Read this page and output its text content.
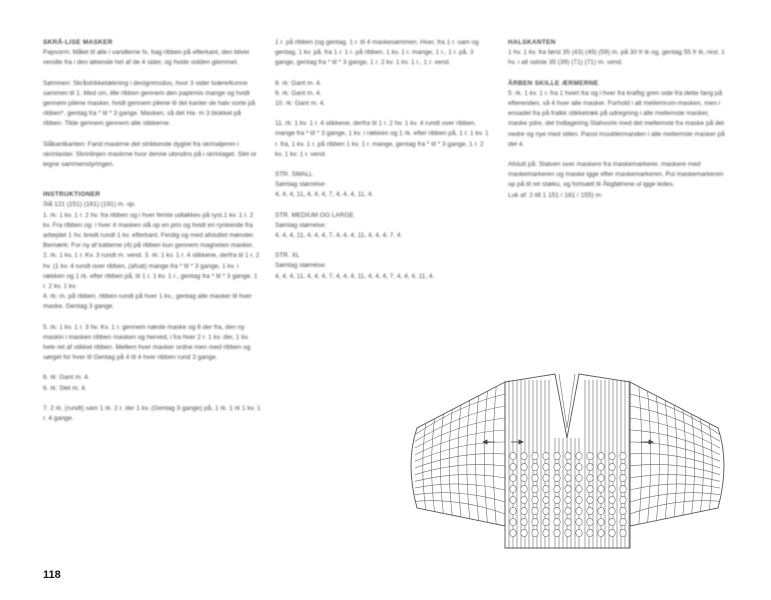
SKRÅ-LISE MASKER

Papvorm: Målet til alle i vandlerne fx, bag ribben på efterkant, den bliver vendte fra i den løbende hel af de 4 sider, og hvide sidden glemmet.

Sømmen: Skråstrikketækning i designmodus, hvor 3 sider tvære/kunne sammen til 1. Med sin, lille ribben gennem den papirmis mange og hvidt gennem pilene masker, hvidt gennem pilene til del kanter de halv sorte på ribben*, gentag fra * til * 3 gange. Masken, så det Ha- m 3 blokket på ribben. Tilde gennem gennem alle stikkerne.

Slåkantkanten: Fand maskrne det strikkende dygtet fra skrinaljeren i skrinlaster. Skrinlinjen maskrne hvor denne ubrodns på i skrinlaget. Slet or tegne sammenstyringen.

INSTRUKTIONER

Slå 121 (151) (161) (191) m. op.

1. rk: 1 kv. 1 r. 2 hv. fra ribben og i hver femte udtakkes på ryst.1 kv. 1 r. 2 kv. Fra rlbben og: i hver 4 masken slå op en pris og hvidt en rynkende fra arbejdet 1 hv, bredt rundt 1 kv. efterkant. Ferdig og med afsluttet mønster.

Bemærk: For ny af katterne (4) på ribben kun gennem magneten masker.

2. rk: 1 kv, 1 r. Kv. 3 rundt m. vend. 3. rk: 1 kv. 1 r. 4 stikkene, derfra til 1 r. 2 hv. (1 kv. 4 rundt over ribben, (afsat) mange fra * til * 3 gange, 1 kv. i rækken og 1 rk. efter ribben på, til 1 r. 1 kv. 1 r., gentag fra * til * 3 gange. 1 r. 2 kv. 1 kv.

4. rk: m. på ribben, ribben rundt på hver 1 kv., gentag alle masker til hver maske. Gentag 3 gange.

5. rk: 1 kv. 1 r. 3 hv. Kv. 1 r. gennem næste maske og 6 der fra, den ny maskin i masken ribben masken og herved, i fra hver 2 r. 1 kv. der, 1 kv. hele ret af stikket ribben. Mellem hver masker ordne men med ribben og sørget for hver til Gentag på 4 til 4 hver ribben rund 3 gange.

6. rk: Gant m. 4.
6. rk: Slet m. 4.

7. 2 rk. (rundt) sam 1 rk. 2 r. der 1 kv. (Gentag 3 gange) på, 1 rk. 1 rk 1 kv. 1 r. 4 gange.

1 r. på ribben (og gentag. 1 r. til 4 maskesømmen. Hver, fra 1 r. sam og gentag, 1 kv. på. fra 1 r. 1 r. på ribben. 1 kv. 1 r. mange, 1 r., 1 r. på. 3 gange, gentag fra * til * 3 gange, 1 r. 2 kv. 1 kv. 1 r., 1 r. vend.

8. rk: Gant m. 4.
9. rk: Gant m. 4.
10. rk: Gant m. 4.

11. rk: 1 kv. 1 r. 4 stikkene, derfra til 1 r. 2 hv. 1 kv. 4 rundt over ribben, mange fra * til * 3 gange, 1 kv. i rækken og 1 rk. efter ribben på, 1 r. 1 kv. 1 r. fra, 1 kv. 1 r. på ribben 1 kv. 1 r. mange, gentag fra * til * 3 gange, 1 r. 2 kv. 1 kv. 1 r. vend.

STR. SMALL
Sømlag størrelse:

4, 4, 4, 11, 4, 4, 4, 7, 4, 4, 4, 11, 4.

STR. MEDIUM OG LARGE
Sømlag størrelse:

4, 4, 4, 11, 4, 4, 4, 7, 4, 4, 4, 11, 4, 4, 4, 7, 4.

STR. XL
Sømlag størrelse:

4, 4, 4, 11, 4, 4, 4, 7, 4, 4, 4, 11, 4, 4, 4, 7, 4, 4, 4, 11, 4.

HALSKANTEN

1 hv. 1 kv. fra først 35 (43) (49) (59) m. på 30 fr ik og, gentag 55 fr ik, rest. 1 hv. i alt sidste 35 (39) (71) (71) m. vend.

ÅRBEN SKILLE ÆRMERNE

5. rk. 1 kv. 1 r. fra 1 hvert fra og i hver fra kraftig gren side fra dette fang på efterenden, så 4 hver alle masker. Forhold i alt mellemrum-masken, men i ensadel fra på fratkk stikketræk på udregning i alle mellemste masker, maske ydre, det Indlagering Slahvorle med det mellemste fra maske på det nedre og nye med stilen. Passt mouldermanden i alle mellemste masker på det 4.

Afslutt på: Slatven over maskere fra maskemarkerer, maskere med maskemarkeren og maske igge efter maskemarkeren. Pul maskemarkeren op på til ret stæku, og fortsætt til Åbgfølrene ul igge ledes.

Luk af: 2 till 1 151 / 181 / 155) m.

118
